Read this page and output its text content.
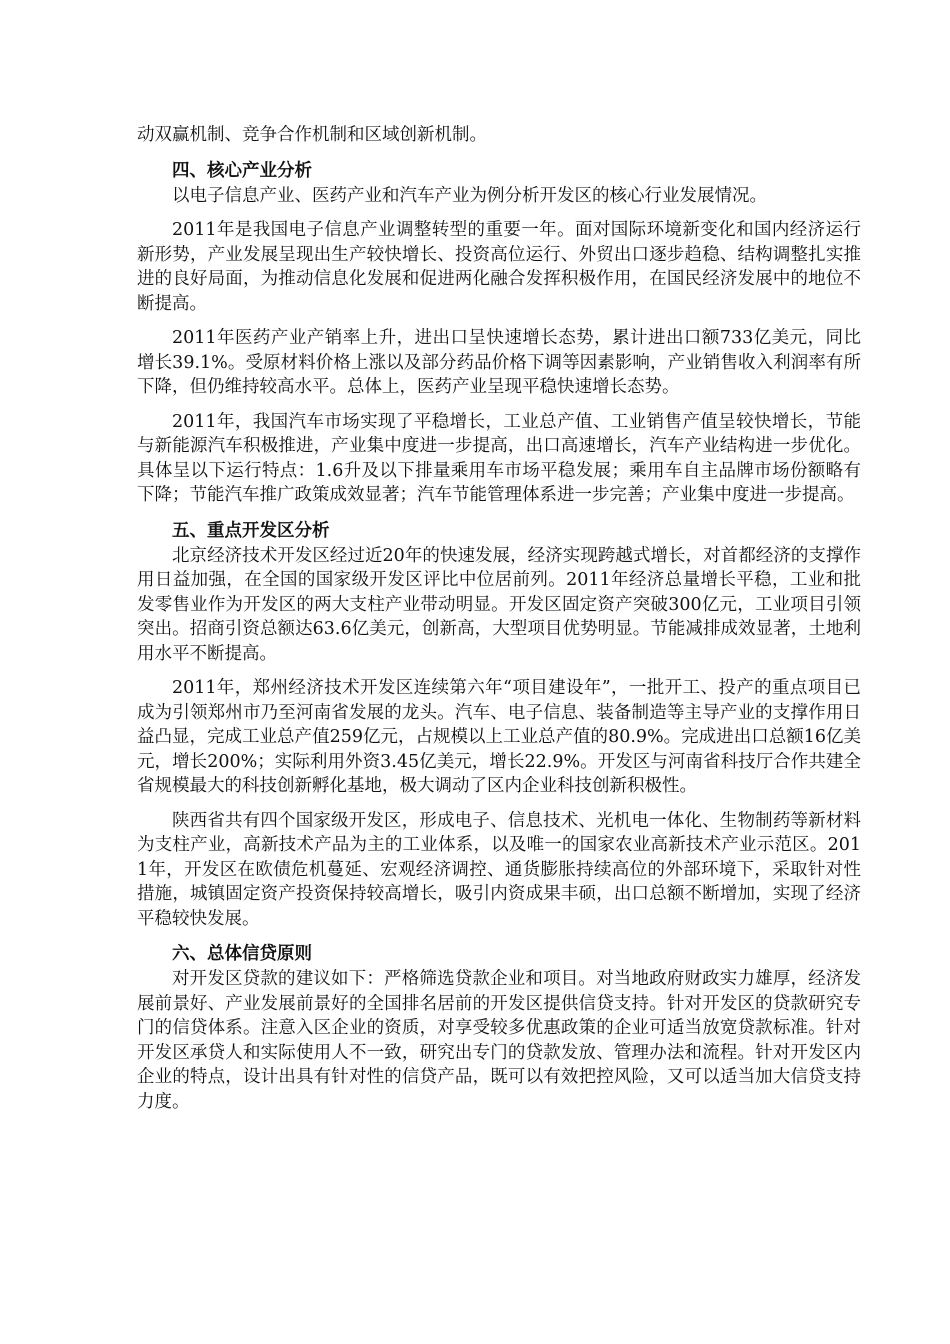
动双赢机制、竞争合作机制和区域创新机制。

四、核心产业分析

以电子信息产业、医药产业和汽车产业为例分析开发区的核心行业发展情况。

2011年是我国电子信息产业调整转型的重要一年。面对国际环境新变化和国内经济运行新形势，产业发展呈现出生产较快增长、投资高位运行、外贸出口逐步趋稳、结构调整扎实推进的良好局面，为推动信息化发展和促进两化融合发挥积极作用，在国民经济发展中的地位不断提高。

2011年医药产业产销率上升，进出口呈快速增长态势，累计进出口额733亿美元，同比增长39.1%。受原材料价格上涨以及部分药品价格下调等因素影响，产业销售收入利润率有所下降，但仍维持较高水平。总体上，医药产业呈现平稳快速增长态势。

2011年，我国汽车市场实现了平稳增长，工业总产值、工业销售产值呈较快增长，节能与新能源汽车积极推进，产业集中度进一步提高，出口高速增长，汽车产业结构进一步优化。具体呈以下运行特点：1.6升及以下排量乘用车市场平稳发展；乘用车自主品牌市场份额略有下降；节能汽车推广政策成效显著；汽车节能管理体系进一步完善；产业集中度进一步提高。

五、重点开发区分析

北京经济技术开发区经过近20年的快速发展，经济实现跨越式增长，对首都经济的支撑作用日益加强，在全国的国家级开发区评比中位居前列。2011年经济总量增长平稳，工业和批发零售业作为开发区的两大支柱产业带动明显。开发区固定资产突破300亿元，工业项目引领突出。招商引资总额达63.6亿美元，创新高，大型项目优势明显。节能减排成效显著，土地利用水平不断提高。

2011年，郑州经济技术开发区连续第六年“项目建设年”，一批开工、投产的重点项目已成为引领郑州市乃至河南省发展的龙头。汽车、电子信息、装备制造等主导产业的支撑作用日益凸显，完成工业总产值259亿元，占规模以上工业总产值的80.9%。完成进出口总额16亿美元，增长200%；实际利用外资3.45亿美元，增长22.9%。开发区与河南省科技厅合作共建全省规模最大的科技创新孵化基地，极大调动了区内企业科技创新积极性。

陕西省共有四个国家级开发区，形成电子、信息技术、光机电一体化、生物制药等新材料为支柱产业，高新技术产品为主的工业体系，以及唯一的国家农业高新技术产业示范区。2011年，开发区在欧债危机蔓延、宏观经济调控、通货膨胀持续高位的外部环境下，采取针对性措施，城镇固定资产投资保持较高增长，吸引内资成果丰硕，出口总额不断增加，实现了经济平稳较快发展。

六、总体信贷原则

对开发区贷款的建议如下：严格筛选贷款企业和项目。对当地政府财政实力雄厚，经济发展前景好、产业发展前景好的全国排名居前的开发区提供信贷支持。针对开发区的贷款研究专门的信贷体系。注意入区企业的资质，对享受较多优惠政策的企业可适当放宽贷款标准。针对开发区承贷人和实际使用人不一致，研究出专门的贷款发放、管理办法和流程。针对开发区内企业的特点，设计出具有针对性的信贷产品，既可以有效把控风险，又可以适当加大信贷支持力度。
